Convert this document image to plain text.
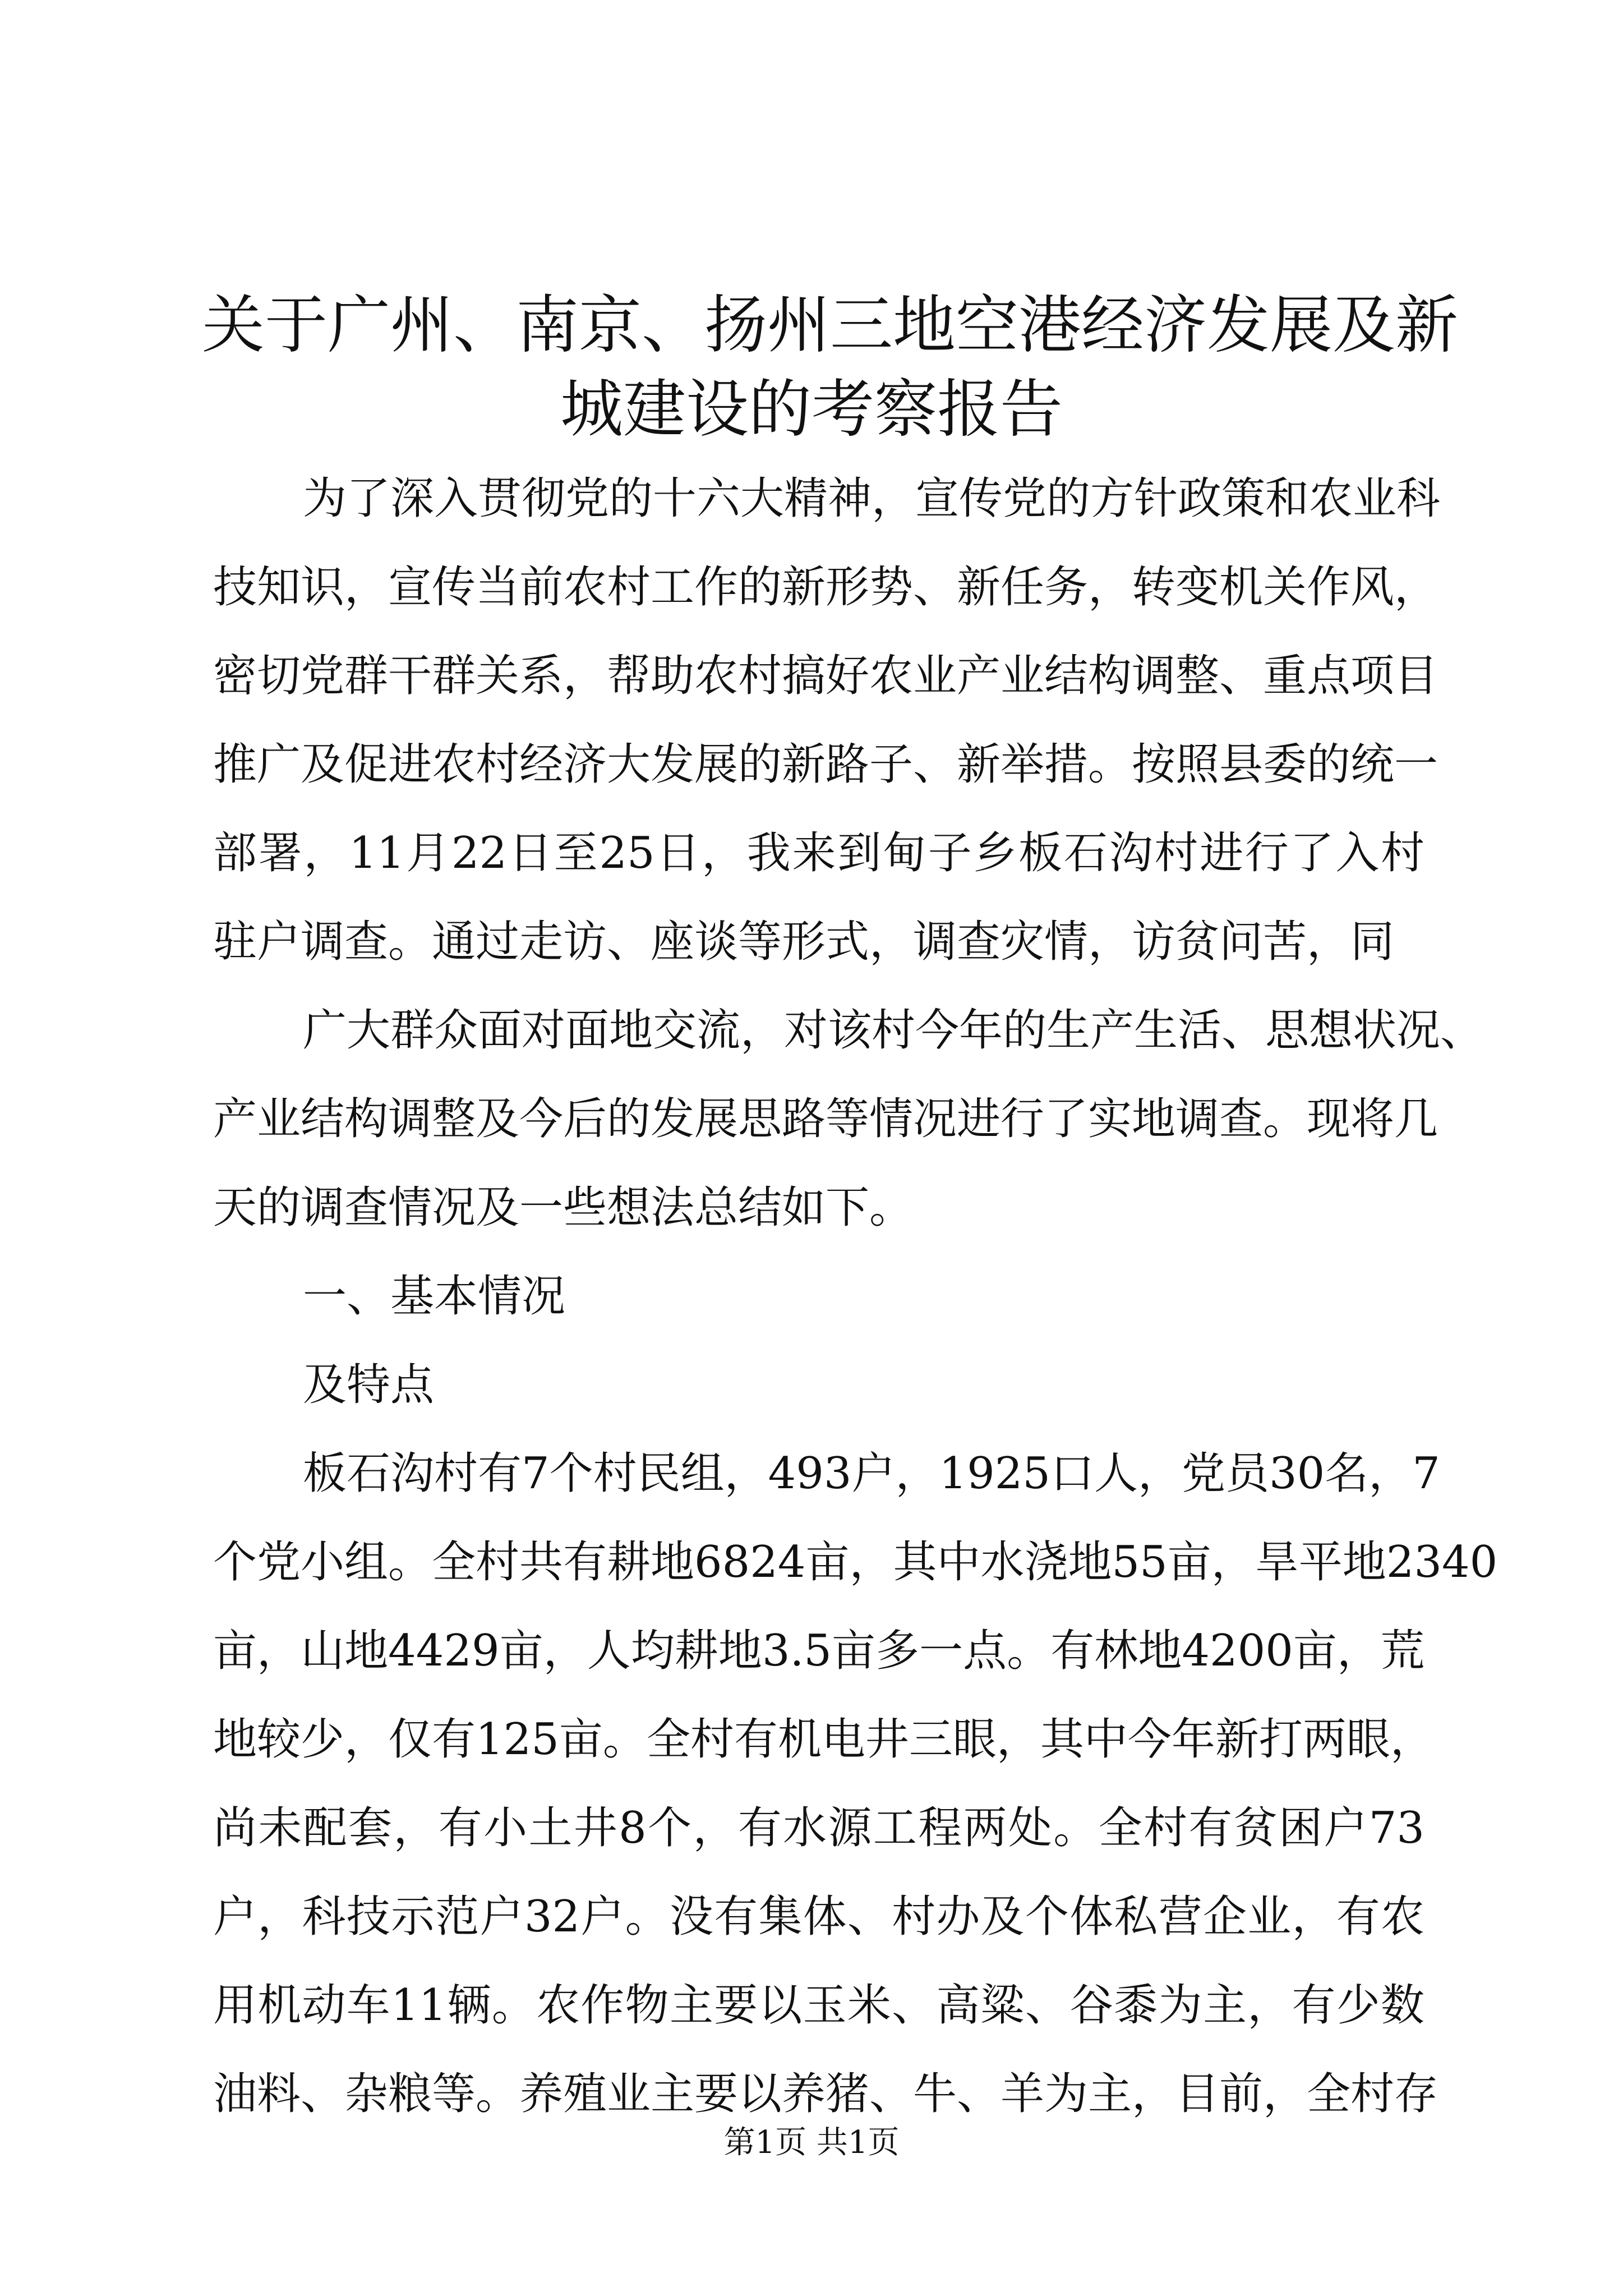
关于广州、南京、扬州三地空港经济发展及新
城建设的考察报告
为了深入贯彻党的十六大精神，宣传党的方针政策和农业科
技知识，宣传当前农村工作的新形势、新任务，转变机关作风，
密切党群干群关系，帮助农村搞好农业产业结构调整、重点项目
推广及促进农村经济大发展的新路子、新举措。按照县委的统一
部署，11月22日至25日，我来到甸子乡板石沟村进行了入村
驻户调查。通过走访、座谈等形式，调查灾情，访贫问苦，同
广大群众面对面地交流，对该村今年的生产生活、思想状况、
产业结构调整及今后的发展思路等情况进行了实地调查。现将几
天的调查情况及一些想法总结如下。
一、基本情况
及特点
板石沟村有7个村民组，493户，1925口人，党员30名，7
个党小组。全村共有耕地6824亩，其中水浇地55亩，旱平地2340
亩，山地4429亩，人均耕地3.5亩多一点。有林地4200亩，荒
地较少，仅有125亩。全村有机电井三眼，其中今年新打两眼，
尚未配套，有小土井8个，有水源工程两处。全村有贫困户73
户，科技示范户32户。没有集体、村办及个体私营企业，有农
用机动车11辆。农作物主要以玉米、高粱、谷黍为主，有少数
油料、杂粮等。养殖业主要以养猪、牛、羊为主，目前，全村存
第1页 共1页
